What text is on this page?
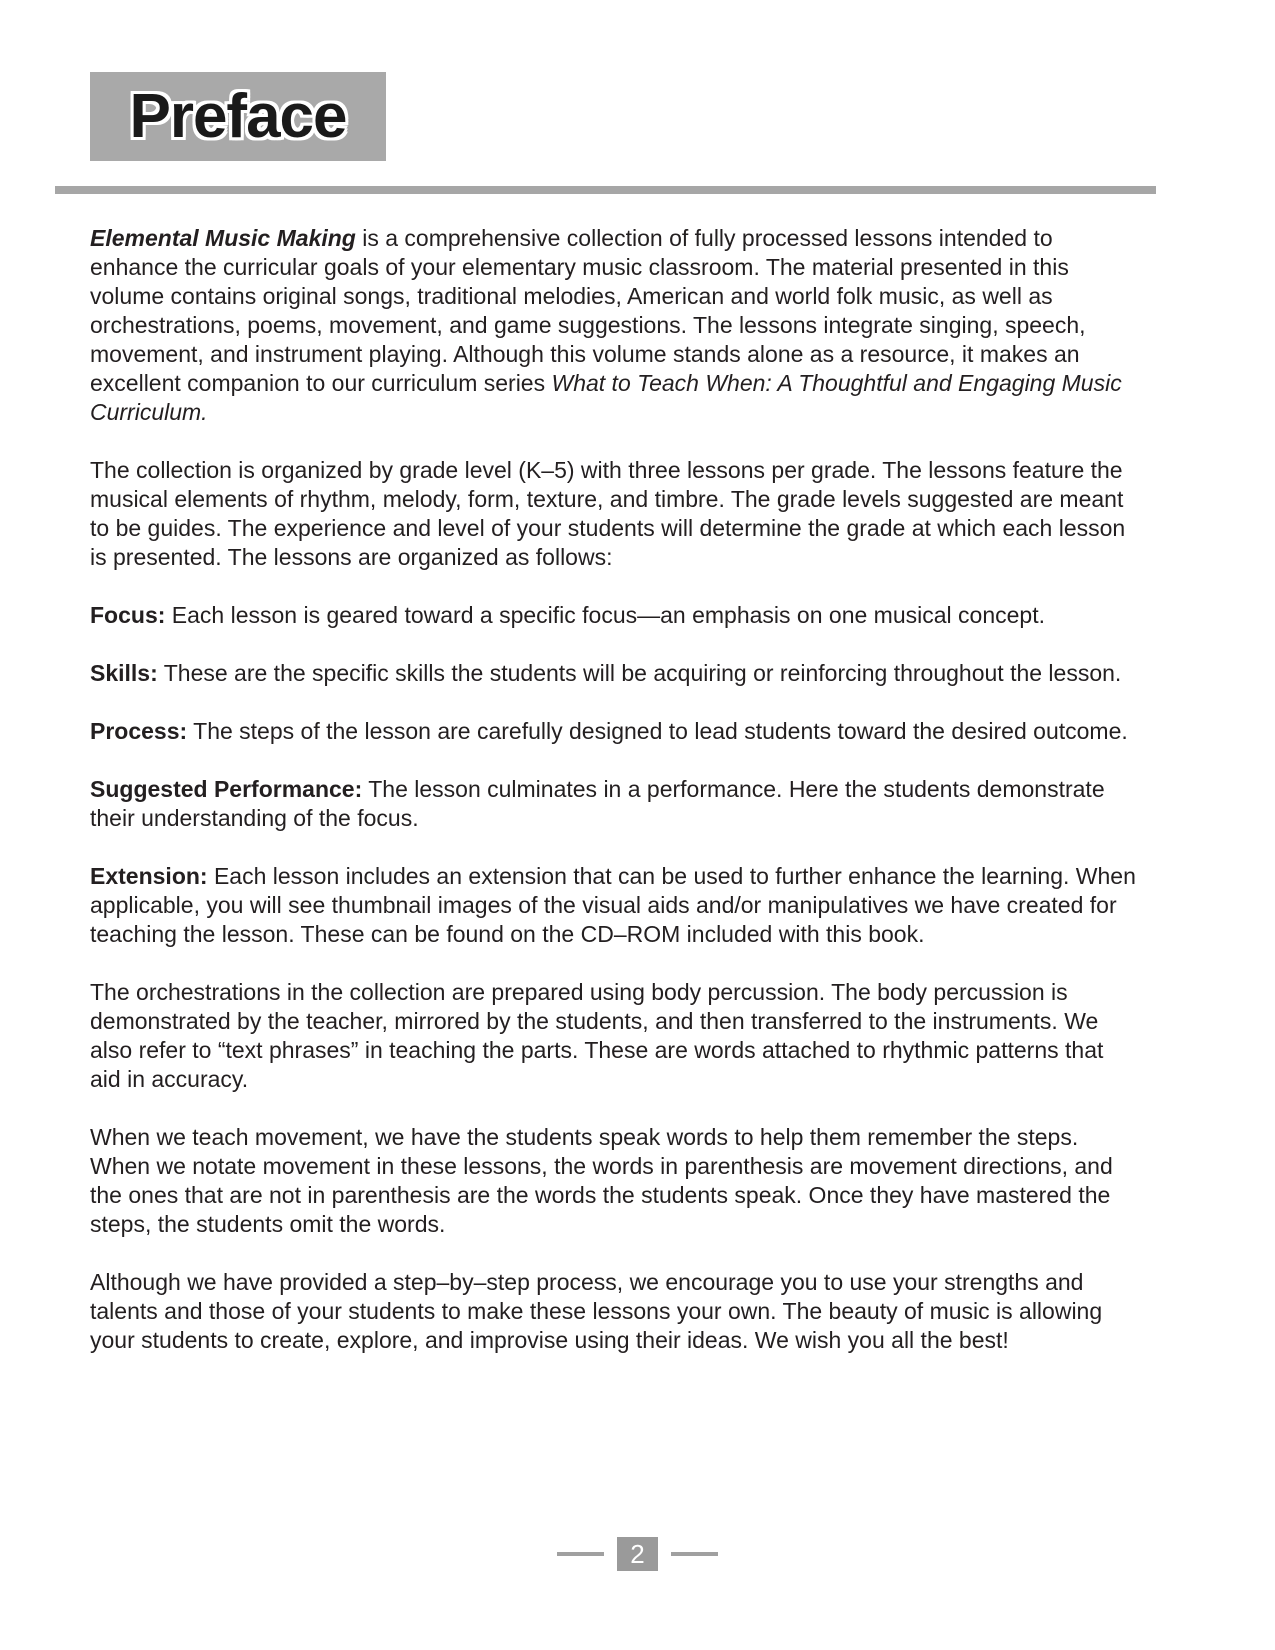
Preface

Elemental Music Making is a comprehensive collection of fully processed lessons intended to enhance the curricular goals of your elementary music classroom. The material presented in this volume contains original songs, traditional melodies, American and world folk music, as well as orchestrations, poems, movement, and game suggestions. The lessons integrate singing, speech, movement, and instrument playing. Although this volume stands alone as a resource, it makes an excellent companion to our curriculum series What to Teach When: A Thoughtful and Engaging Music Curriculum.

The collection is organized by grade level (K–5) with three lessons per grade. The lessons feature the musical elements of rhythm, melody, form, texture, and timbre. The grade levels suggested are meant to be guides. The experience and level of your students will determine the grade at which each lesson is presented. The lessons are organized as follows:

Focus: Each lesson is geared toward a specific focus—an emphasis on one musical concept.

Skills: These are the specific skills the students will be acquiring or reinforcing throughout the lesson.

Process: The steps of the lesson are carefully designed to lead students toward the desired outcome.

Suggested Performance: The lesson culminates in a performance. Here the students demonstrate their understanding of the focus.

Extension: Each lesson includes an extension that can be used to further enhance the learning. When applicable, you will see thumbnail images of the visual aids and/or manipulatives we have created for teaching the lesson. These can be found on the CD–ROM included with this book.

The orchestrations in the collection are prepared using body percussion. The body percussion is demonstrated by the teacher, mirrored by the students, and then transferred to the instruments. We also refer to “text phrases” in teaching the parts. These are words attached to rhythmic patterns that aid in accuracy.

When we teach movement, we have the students speak words to help them remember the steps. When we notate movement in these lessons, the words in parenthesis are movement directions, and the ones that are not in parenthesis are the words the students speak. Once they have mastered the steps, the students omit the words.

Although we have provided a step–by–step process, we encourage you to use your strengths and talents and those of your students to make these lessons your own. The beauty of music is allowing your students to create, explore, and improvise using their ideas. We wish you all the best!

2
